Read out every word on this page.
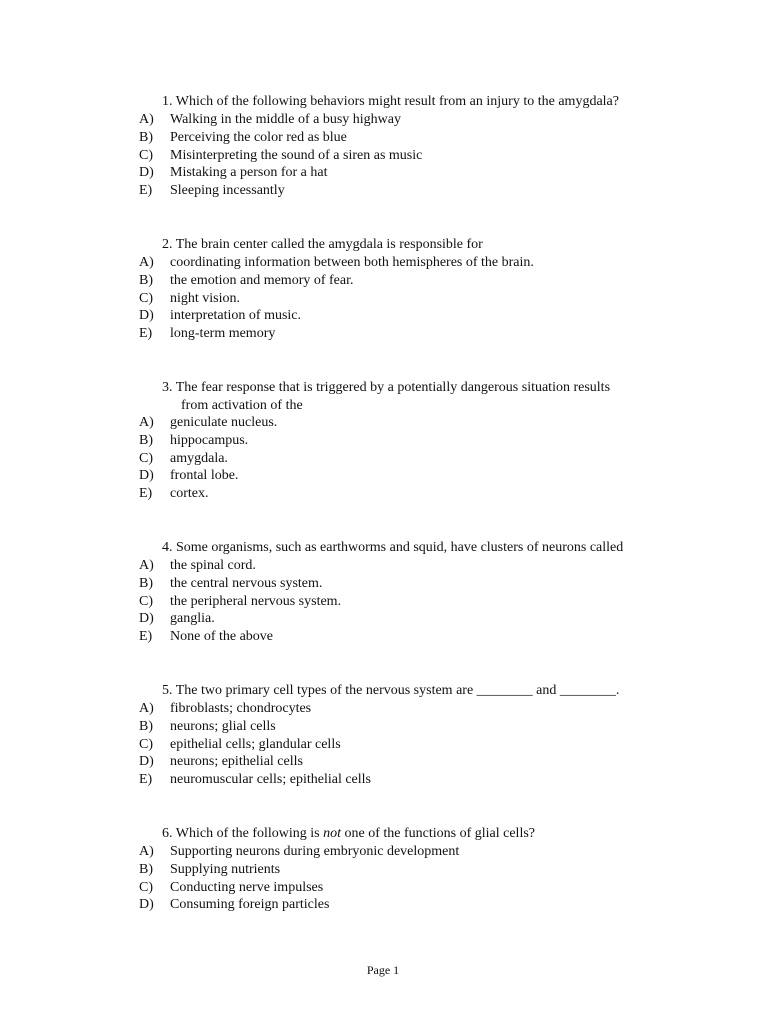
1. Which of the following behaviors might result from an injury to the amygdala?
A) Walking in the middle of a busy highway
B) Perceiving the color red as blue
C) Misinterpreting the sound of a siren as music
D) Mistaking a person for a hat
E) Sleeping incessantly
2. The brain center called the amygdala is responsible for
A) coordinating information between both hemispheres of the brain.
B) the emotion and memory of fear.
C) night vision.
D) interpretation of music.
E) long-term memory
3. The fear response that is triggered by a potentially dangerous situation results
from activation of the
A) geniculate nucleus.
B) hippocampus.
C) amygdala.
D) frontal lobe.
E) cortex.
4. Some organisms, such as earthworms and squid, have clusters of neurons called
A) the spinal cord.
B) the central nervous system.
C) the peripheral nervous system.
D) ganglia.
E) None of the above
5. The two primary cell types of the nervous system are ________ and ________.
A) fibroblasts; chondrocytes
B) neurons; glial cells
C) epithelial cells; glandular cells
D) neurons; epithelial cells
E) neuromuscular cells; epithelial cells
6. Which of the following is not one of the functions of glial cells?
A) Supporting neurons during embryonic development
B) Supplying nutrients
C) Conducting nerve impulses
D) Consuming foreign particles
Page 1
